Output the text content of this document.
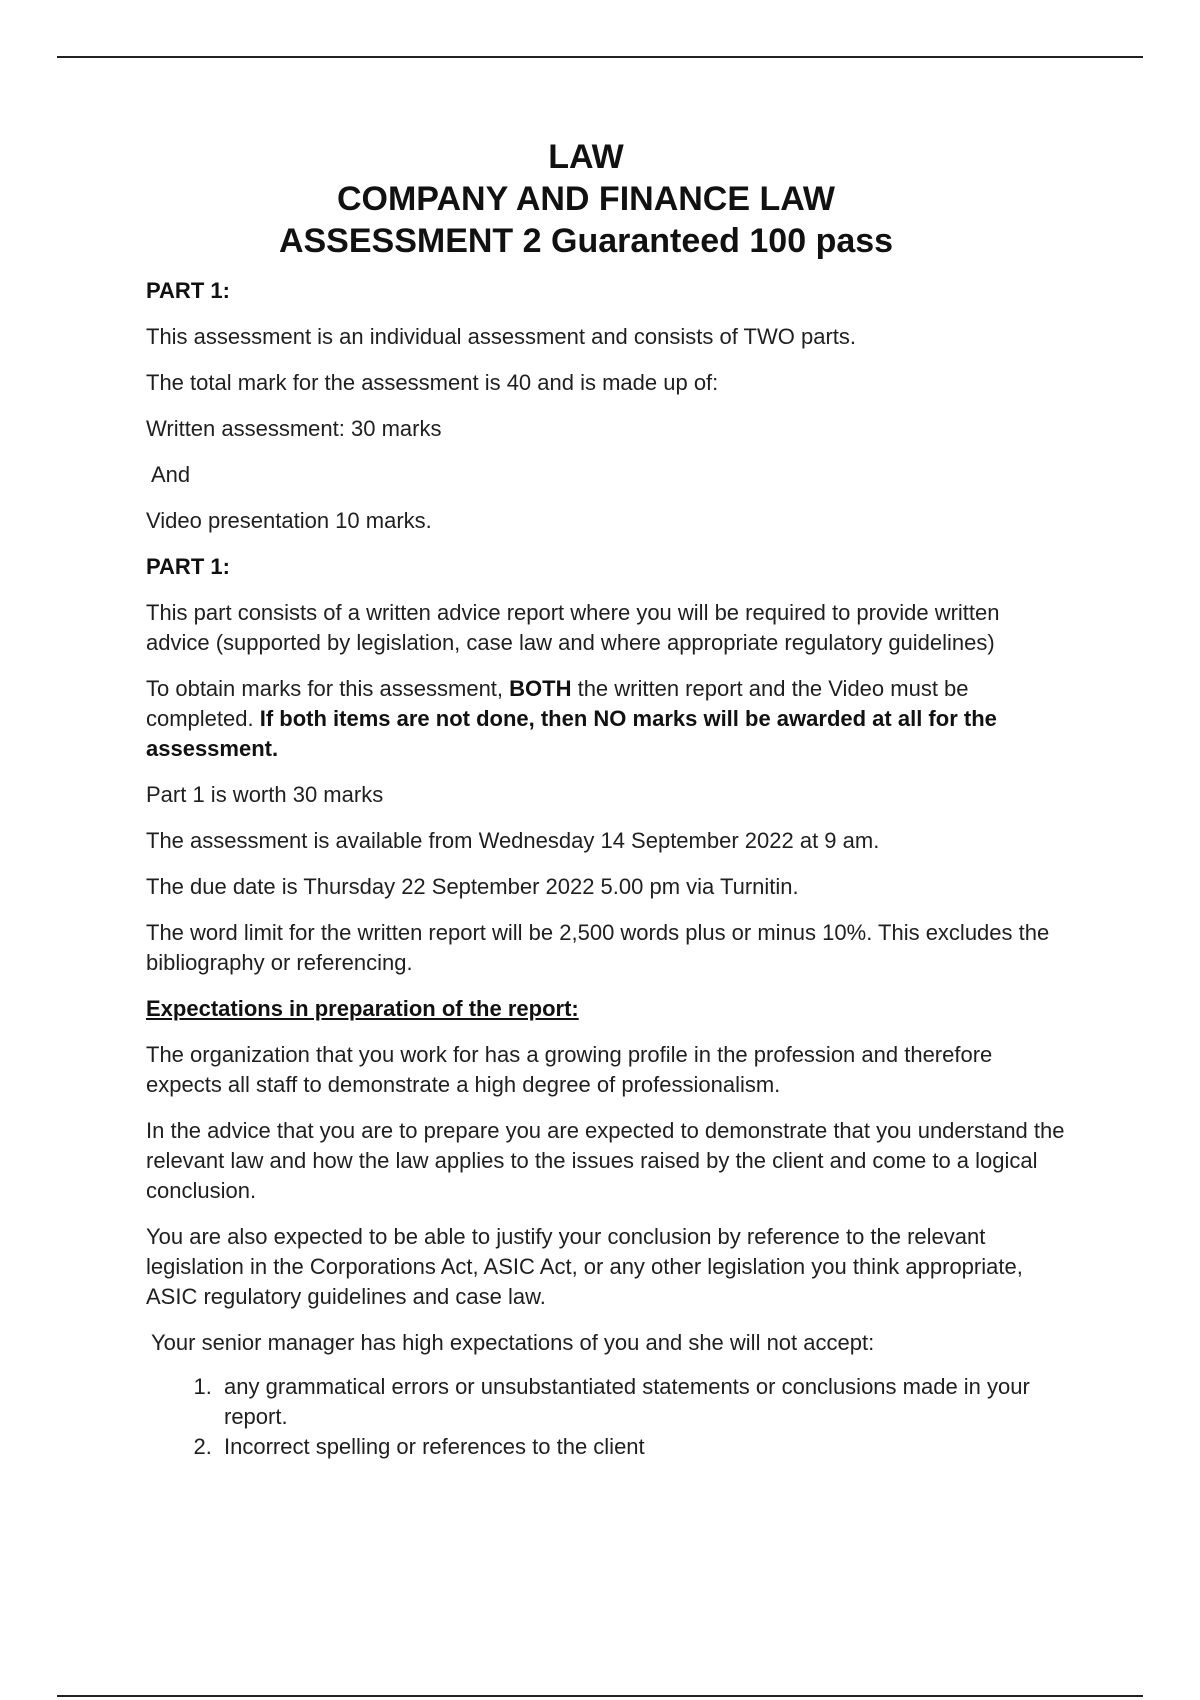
LAW
COMPANY AND FINANCE LAW
ASSESSMENT 2 Guaranteed 100 pass

PART 1:

This assessment is an individual assessment and consists of TWO parts.

The total mark for the assessment is 40 and is made up of:

Written assessment: 30 marks

And

Video presentation 10 marks.

PART 1:

This part consists of a written advice report where you will be required to provide written advice (supported by legislation, case law and where appropriate regulatory guidelines)

To obtain marks for this assessment, BOTH the written report and the Video must be completed. If both items are not done, then NO marks will be awarded at all for the assessment.

Part 1 is worth 30 marks

The assessment is available from Wednesday 14 September 2022 at 9 am.

The due date is Thursday 22 September 2022 5.00 pm via Turnitin.

The word limit for the written report will be 2,500 words plus or minus 10%. This excludes the bibliography or referencing.

Expectations in preparation of the report:

The organization that you work for has a growing profile in the profession and therefore expects all staff to demonstrate a high degree of professionalism.

In the advice that you are to prepare you are expected to demonstrate that you understand the relevant law and how the law applies to the issues raised by the client and come to a logical conclusion.

You are also expected to be able to justify your conclusion by reference to the relevant legislation in the Corporations Act, ASIC Act, or any other legislation you think appropriate, ASIC regulatory guidelines and case law.

Your senior manager has high expectations of you and she will not accept:

1. any grammatical errors or unsubstantiated statements or conclusions made in your report.
2. Incorrect spelling or references to the client
